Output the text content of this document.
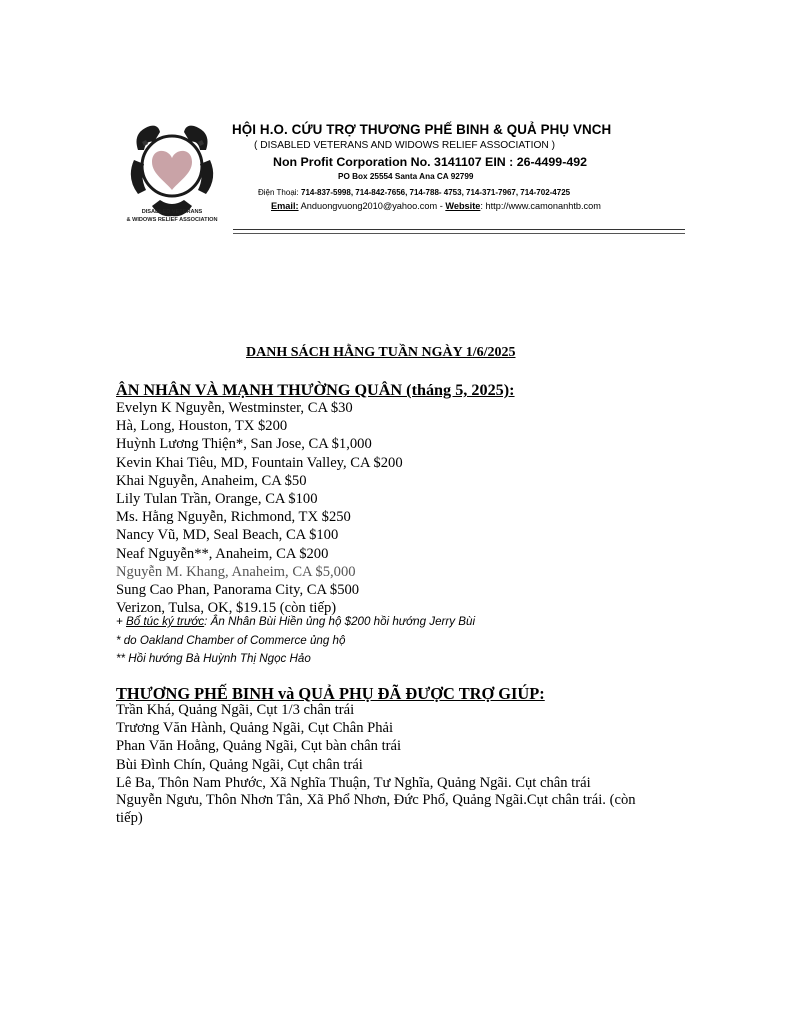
DISABLED VETERANS
& WIDOWS RELIEF ASSOCIATION
HỘI H.O. CỨU TRỢ THƯƠNG PHẾ BINH & QUẢ PHỤ VNCH
( DISABLED VETERANS AND WIDOWS RELIEF ASSOCIATION )
Non Profit Corporation No. 3141107 EIN : 26-4499-492
PO Box 25554 Santa Ana CA 92799
Điện Thoại: 714-837-5998, 714-842-7656, 714-788- 4753, 714-371-7967, 714-702-4725
Email: Anduongvuong2010@yahoo.com - Website: http://www.camonanhtb.com
DANH SÁCH HẰNG TUẦN NGÀY 1/6/2025
ÂN NHÂN VÀ MẠNH THƯỜNG QUÂN (tháng 5, 2025):
Evelyn K Nguyễn, Westminster, CA $30
Hà, Long, Houston, TX $200
Huỳnh Lương Thiện*, San Jose, CA $1,000
Kevin Khai Tiêu, MD, Fountain Valley, CA $200
Khai Nguyễn, Anaheim, CA $50
Lily Tulan Trần, Orange, CA $100
Ms. Hằng Nguyễn, Richmond, TX $250
Nancy Vũ, MD, Seal Beach, CA $100
Neaf Nguyễn**, Anaheim, CA $200
Nguyễn M. Khang, Anaheim, CA $5,000
Sung Cao Phan, Panorama City, CA $500
Verizon, Tulsa, OK, $19.15 (còn tiếp)
+ Bổ túc ký trước: Ân Nhân Bùi Hiền ủng hộ $200 hồi hướng Jerry Bùi
* do Oakland Chamber of Commerce ủng hộ
** Hồi hướng Bà Huỳnh Thị Ngọc Hảo
THƯƠNG PHẾ BINH và QUẢ PHỤ ĐÃ ĐƯỢC TRỢ GIÚP:
Trần Khá, Quảng Ngãi, Cụt 1/3 chân trái
Trương Văn Hành, Quảng Ngãi, Cụt Chân Phải
Phan Văn Hoằng, Quảng Ngãi, Cụt bàn chân trái
Bùi Đình Chín, Quảng Ngãi, Cụt chân trái
Lê Ba, Thôn Nam Phước, Xã Nghĩa Thuận, Tư Nghĩa, Quảng Ngãi. Cụt chân trái
Nguyễn Ngưu, Thôn Nhơn Tân, Xã Phổ Nhơn, Đức Phổ, Quảng Ngãi.Cụt chân trái. (còn tiếp)
